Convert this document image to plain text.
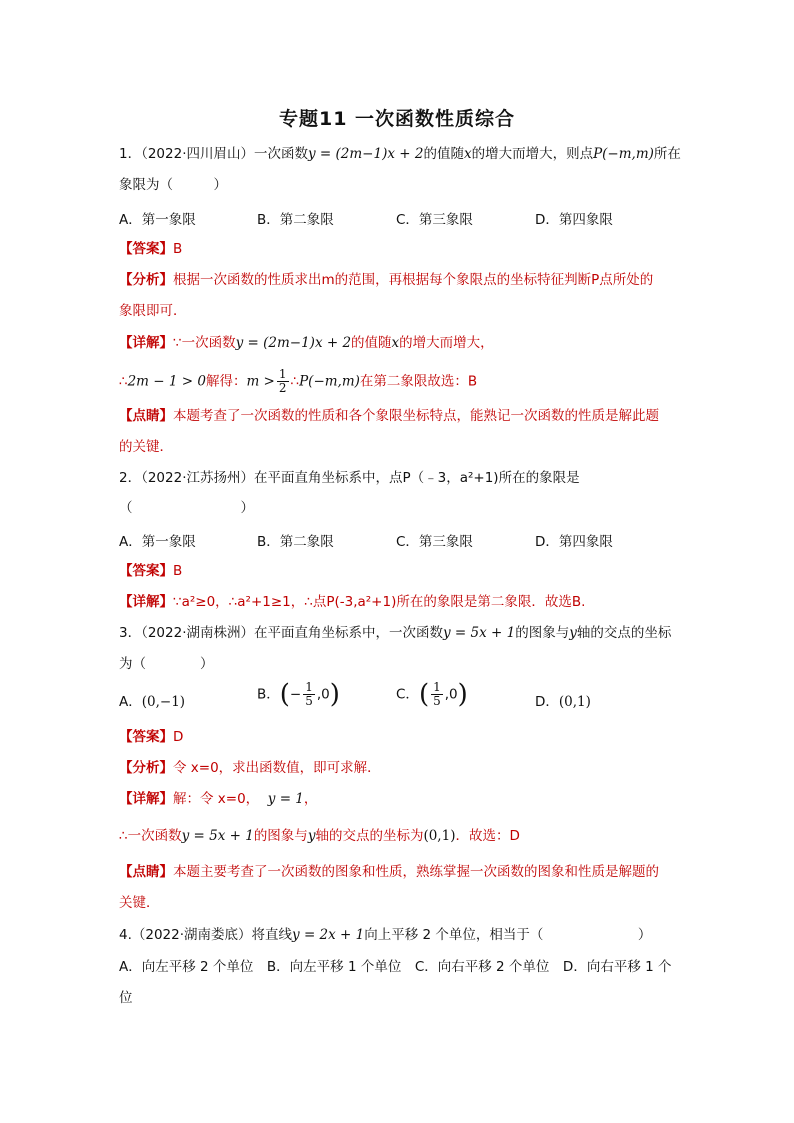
专题11 一次函数性质综合
1．（2022·四川眉山）一次函数y = (2m−1)x + 2的值随x的增大而增大，则点P(−m,m)所在
象限为（　　　）
A．第一象限	B．第二象限	C．第三象限	D．第四象限
【答案】B
【分析】根据一次函数的性质求出m的范围，再根据每个象限点的坐标特征判断P点所处的
象限即可．
【详解】∵一次函数y = (2m−1)x + 2的值随x的增大而增大，
∴2m − 1 > 0解得：$m > \frac{1}{2}$ ∴P(−m,m)在第二象限故选：B
【点睛】本题考查了一次函数的性质和各个象限坐标特点，能熟记一次函数的性质是解此题
的关键．
2．（2022·江苏扬州）在平面直角坐标系中，点P（﹣3，a²+1)所在的象限是
（　　　　　　　　）
A．第一象限	B．第二象限	C．第三象限	D．第四象限
【答案】B
【详解】∵a²≥0，∴a²+1≥1，∴点P(-3,a²+1)所在的象限是第二象限．故选B.
3．（2022·湖南株洲）在平面直角坐标系中，一次函数y = 5x + 1的图象与y轴的交点的坐标
为（　　　　）
A．(0,−1)	B．(− $\frac{1}{5} ,0$)	C．( $\frac{1}{5} ,0$)	D．(0,1)
【答案】D
【分析】令 x=0，求出函数值，即可求解．
【详解】解：令 x=0， y = 1，
∴一次函数y = 5x + 1的图象与y轴的交点的坐标为(0,1)．故选：D
【点睛】本题主要考查了一次函数的图象和性质，熟练掌握一次函数的图象和性质是解题的
关键．
4.（2022·湖南娄底）将直线y = 2x + 1向上平移 2 个单位，相当于（　　　　　　　）
A．向左平移 2 个单位　B．向左平移 1 个单位　C．向右平移 2 个单位　D．向右平移 1 个
位
